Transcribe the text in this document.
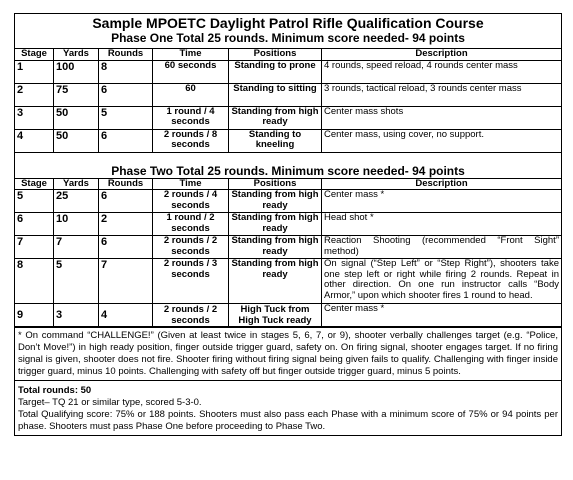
Sample MPOETC Daylight Patrol Rifle Qualification Course
Phase One Total 25 rounds. Minimum score needed- 94 points
Stage	Yards	Rounds	Time	Positions	Description
1	100	8	60 seconds	Standing to prone	4 rounds, speed reload, 4 rounds center mass
2	75	6	60	Standing to sitting	3 rounds, tactical reload, 3 rounds center mass
3	50	5	1 round / 4 seconds	Standing from high ready	Center mass shots
4	50	6	2 rounds / 8 seconds	Standing to kneeling	Center mass, using cover, no support.
Phase Two Total 25 rounds. Minimum score needed- 94 points
Stage	Yards	Rounds	Time	Positions	Description
5	25	6	2 rounds / 4 seconds	Standing from high ready	Center mass *
6	10	2	1 round / 2 seconds	Standing from high ready	Head shot *
7	7	6	2 rounds / 2 seconds	Standing from high ready	Reaction Shooting (recommended “Front Sight” method)
8	5	7	2 rounds / 3 seconds	Standing from high ready	On signal (“Step Left” or “Step Right”), shooters take one step left or right while firing 2 rounds. Repeat in other direction. On one run instructor calls “Body Armor,” upon which shooter fires 1 round to head.
9	3	4	2 rounds / 2 seconds	High Tuck from High Tuck ready	Center mass *
* On command “CHALLENGE!” (Given at least twice in stages 5, 6, 7, or 9), shooter verbally challenges target (e.g. “Police, Don’t Move!”) in high ready position, finger outside trigger guard, safety on. On firing signal, shooter engages target. If no firing signal is given, shooter does not fire. Shooter firing without firing signal being given fails to qualify. Challenging with finger inside trigger guard, minus 10 points. Challenging with safety off but finger outside trigger guard, minus 5 points.
Total rounds: 50
Target– TQ 21 or similar type, scored 5-3-0.
Total Qualifying score: 75% or 188 points. Shooters must also pass each Phase with a minimum score of 75% or 94 points per phase. Shooters must pass Phase One before proceeding to Phase Two.
